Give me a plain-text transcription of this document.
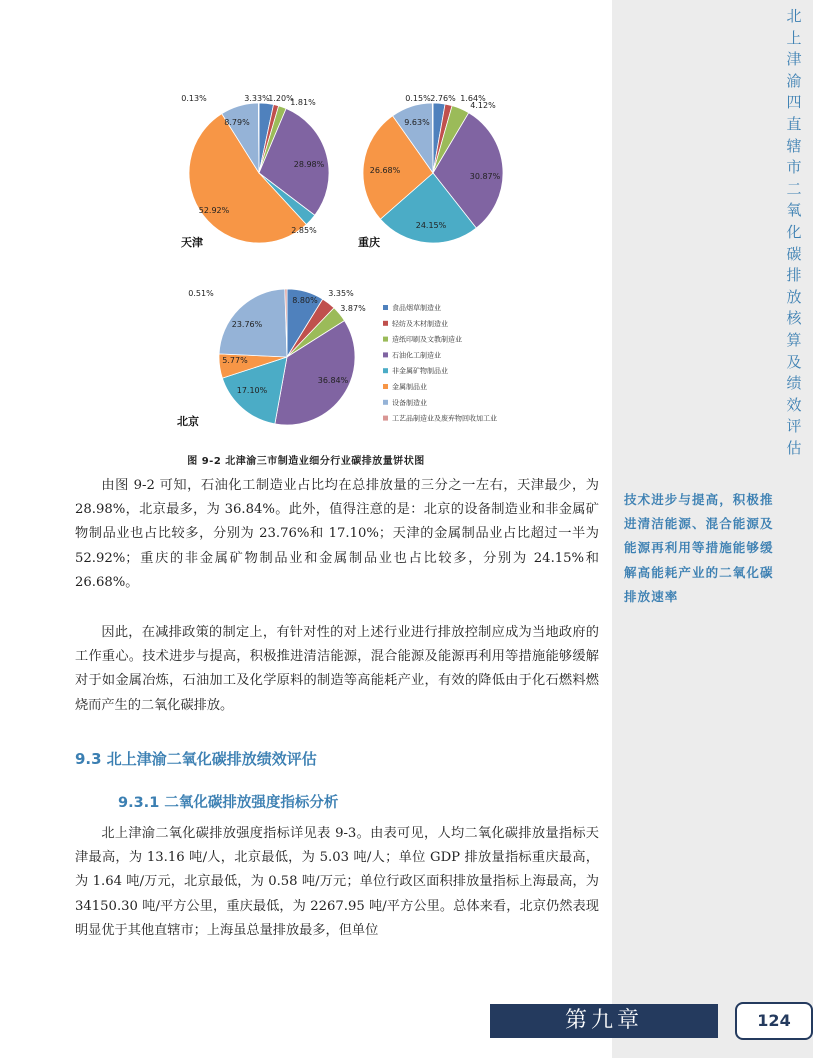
北上津渝四直辖市二氧化碳排放核算及绩效评估
技术进步与提高，积极推进清洁能源、混合能源及能源再利用等措施能够缓解高能耗产业的二氧化碳排放速率
3.33%
1.20%
1.81%
28.98%
2.85%
52.92%
8.79%
0.13%
天津
2.76% 1.64%
4.12%
30.87%
24.15%
26.68%
9.63%
0.15%
重庆
8.80%
3.35%
3.87%
36.84%
17.10%
5.77%
23.76%
0.51%
北京
食品烟草制造业
轻纺及木材制造业
造纸印刷及文教制造业
石油化工制造业
非金属矿物制品业
金属制品业
设备制造业
工艺品制造业及废弃物回收加工业
图 9-2 北津渝三市制造业细分行业碳排放量饼状图

由图 9-2 可知，石油化工制造业占比均在总排放量的三分之一左右，天津最少，为 28.98%，北京最多，为 36.84%。此外，值得注意的是：北京的设备制造业和非金属矿物制品业也占比较多，分别为 23.76%和 17.10%；天津的金属制品业占比超过一半为 52.92%；重庆的非金属矿物制品业和金属制品业也占比较多，分别为 24.15%和 26.68%。

因此，在减排政策的制定上，有针对性的对上述行业进行排放控制应成为当地政府的工作重心。技术进步与提高，积极推进清洁能源，混合能源及能源再利用等措施能够缓解对于如金属冶炼，石油加工及化学原料的制造等高能耗产业，有效的降低由于化石燃料燃烧而产生的二氧化碳排放。

9.3 北上津渝二氧化碳排放绩效评估
9.3.1 二氧化碳排放强度指标分析

北上津渝二氧化碳排放强度指标详见表 9-3。由表可见，人均二氧化碳排放量指标天津最高，为 13.16 吨/人，北京最低，为 5.03 吨/人；单位 GDP 排放量指标重庆最高，为 1.64 吨/万元，北京最低，为 0.58 吨/万元；单位行政区面积排放量指标上海最高，为 34150.30 吨/平方公里，重庆最低，为 2267.95 吨/平方公里。总体来看，北京仍然表现明显优于其他直辖市；上海虽总量排放最多，但单位

第九章	124
